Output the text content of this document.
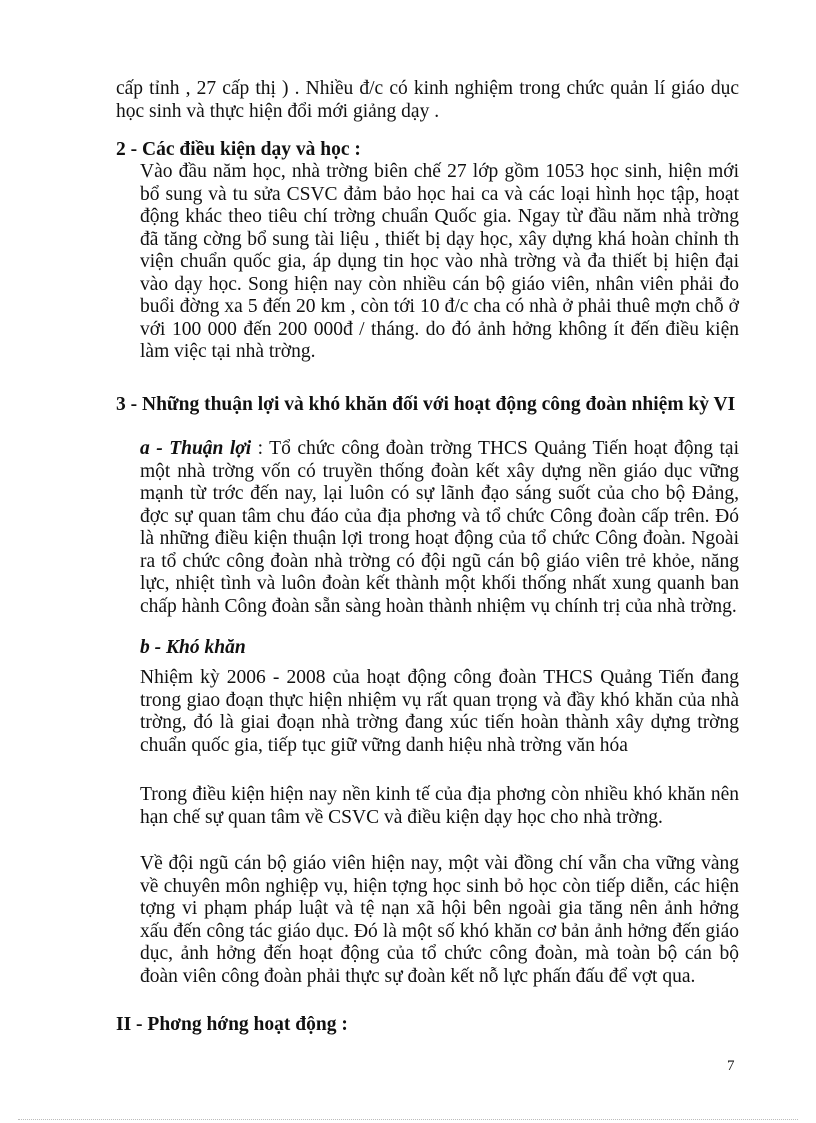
cấp tỉnh , 27 cấp thị ) . Nhiều đ/c có kinh nghiệm trong chức quản lí giáo dục học sinh và thực hiện đổi mới giảng dạy .

2 - Các điều kiện dạy và học :

Vào đầu năm học, nhà trờng biên chế 27 lớp gồm 1053 học sinh, hiện mới bổ sung và tu sửa CSVC đảm bảo học hai ca và các loại hình học tập, hoạt động khác theo tiêu chí trờng chuẩn Quốc gia. Ngay từ đầu năm nhà trờng đã tăng cờng bổ sung tài liệu , thiết bị dạy học, xây dựng khá hoàn chỉnh th viện chuẩn quốc gia, áp dụng tin học vào nhà trờng và đa thiết bị hiện đại vào dạy học. Song hiện nay còn nhiều cán bộ giáo viên, nhân viên phải đo buổi đờng xa 5 đến 20 km , còn tới 10 đ/c cha có nhà ở phải thuê mợn chỗ ở với 100 000 đến 200 000đ / tháng. do đó ảnh hởng không ít đến điều kiện làm việc tại nhà trờng.

3 - Những thuận lợi và khó khăn đối với hoạt động công đoàn nhiệm kỳ VI

a - Thuận lợi : Tổ chức công đoàn trờng THCS Quảng Tiến hoạt động tại một nhà trờng vốn có truyền thống đoàn kết xây dựng nền giáo dục vững mạnh từ trớc đến nay, lại luôn có sự lãnh đạo sáng suốt của cho bộ Đảng, đợc sự quan tâm chu đáo của địa phơng và tổ chức Công đoàn cấp trên. Đó là những điều kiện thuận lợi trong hoạt động của tổ chức Công đoàn. Ngoài ra tổ chức công đoàn nhà trờng có đội ngũ cán bộ giáo viên trẻ khỏe, năng lực, nhiệt tình và luôn đoàn kết thành một khối thống nhất xung quanh ban chấp hành Công đoàn sẵn sàng hoàn thành nhiệm vụ chính trị của nhà trờng.

b - Khó khăn

Nhiệm kỳ 2006 - 2008 của hoạt động công đoàn THCS Quảng Tiến đang trong giao đoạn thực hiện nhiệm vụ rất quan trọng và đầy khó khăn của nhà trờng, đó là giai đoạn nhà trờng đang xúc tiến hoàn thành xây dựng trờng chuẩn quốc gia, tiếp tục giữ vững danh hiệu nhà trờng văn hóa

Trong điều kiện hiện nay nền kinh tế của địa phơng còn nhiều khó khăn nên hạn chế sự quan tâm về CSVC và điều kiện dạy học cho nhà trờng.

Về đội ngũ cán bộ giáo viên hiện nay, một vài đồng chí vẫn cha vững vàng về chuyên môn nghiệp vụ, hiện tợng học sinh bỏ học còn tiếp diễn, các hiện tợng vi phạm pháp luật và tệ nạn xã hội bên ngoài gia tăng nên ảnh hởng xấu đến công tác giáo dục. Đó là một số khó khăn cơ bản ảnh hởng đến giáo dục, ảnh hởng đến hoạt động của tổ chức công đoàn, mà toàn bộ cán bộ đoàn viên công đoàn phải thực sự đoàn kết nỗ lực phấn đấu để vợt qua.

II - Phơng hớng hoạt động :

7
